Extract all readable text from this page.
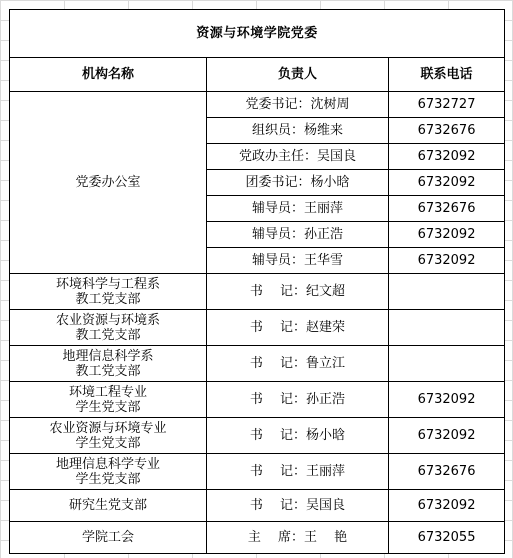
资源与环境学院党委		
机构名称	负责人	联系电话
党委办公室	党委书记：沈树周	6732727
	组织员：杨维来	6732676
	党政办主任：吴国良	6732092
	团委书记：杨小晗	6732092
	辅导员：王丽萍	6732676
	辅导员：孙正浩	6732092
	辅导员：王华雪	6732092

环境科学与工程系
教工党支部	书　 记：纪文超	

农业资源与环境系
教工党支部	书　 记：赵建荣	

地理信息科学系
教工党支部	书　 记：鲁立江	

环境工程专业
学生党支部	书　 记：孙正浩	6732092

农业资源与环境专业
学生党支部	书　 记：杨小晗	6732092

地理信息科学专业
学生党支部	书　 记：王丽萍	6732676
研究生党支部	书　 记：吴国良	6732092
学院工会	主　 席：王　 艳	6732055
